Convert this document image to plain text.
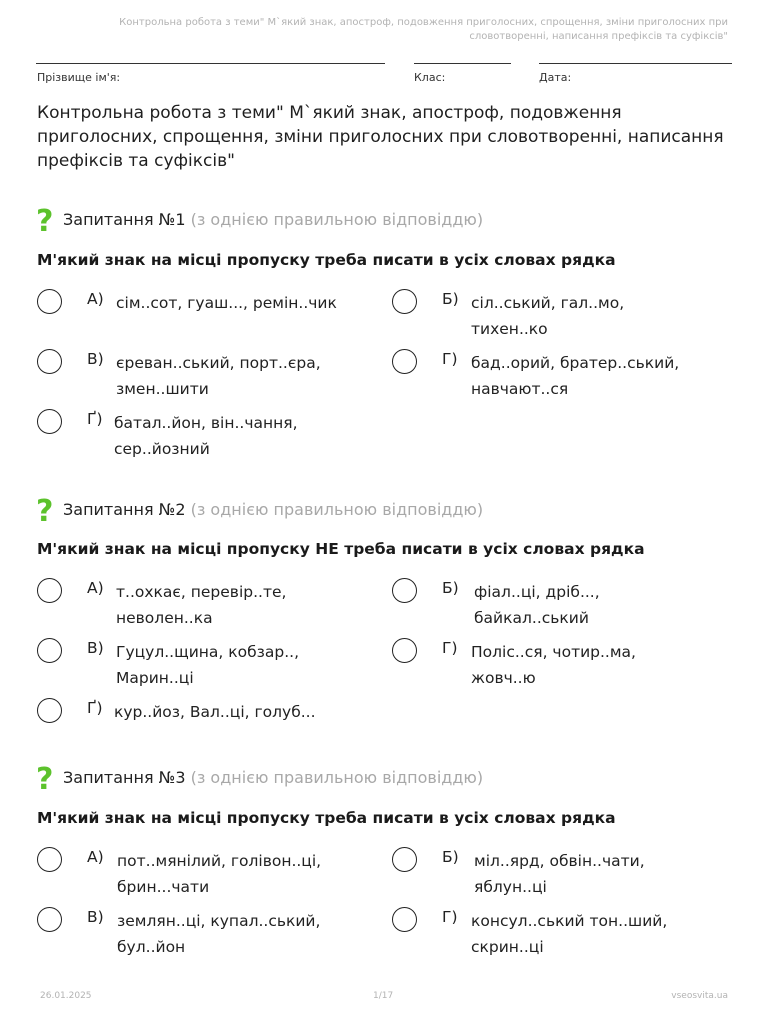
Контрольна робота з теми" М`який знак, апостроф, подовження приголосних, спрощення, зміни приголосних при словотворенні, написання префіксів та суфіксів"
Прізвище ім'я:	Клас:	Дата:
Контрольна робота з теми" М`який знак, апостроф, подовження приголосних, спрощення, зміни приголосних при словотворенні, написання префіксів та суфіксів"
? Запитання №1 (з однією правильною відповіддю)
М'який знак на місці пропуску треба писати в усіх словах рядка
А) сім..сот, гуаш..., ремін..чик	Б) сіл..ський, гал..мо, тихен..ко
В) єреван..ський, порт..єра, змен..шити
Г) бад..орий, братер..ський, навчают..ся
Ґ) батал..йон, він..чання, сер..йозний
? Запитання №2 (з однією правильною відповіддю)
М'який знак на місці пропуску НЕ треба писати в усіх словах рядка
А) т..охкає, перевір..те, неволен..ка
Б) фіал..ці, дріб..., байкал..ський
В) Гуцул..щина, кобзар.., Марин..ці
Г) Поліс..ся, чотир..ма, жовч..ю
Ґ) кур..йоз, Вал..ці, голуб...
? Запитання №3 (з однією правильною відповіддю)
М'який знак на місці пропуску треба писати в усіх словах рядка
А) пот..мянілий, голівон..ці, брин...чати
Б) міл..ярд, обвін..чати, яблун..ці
В) землян..ці, купал..ський, бул..йон
Г) консул..ський тон..ший, скрин..ці
26.01.2025	1/17	vseosvita.ua
